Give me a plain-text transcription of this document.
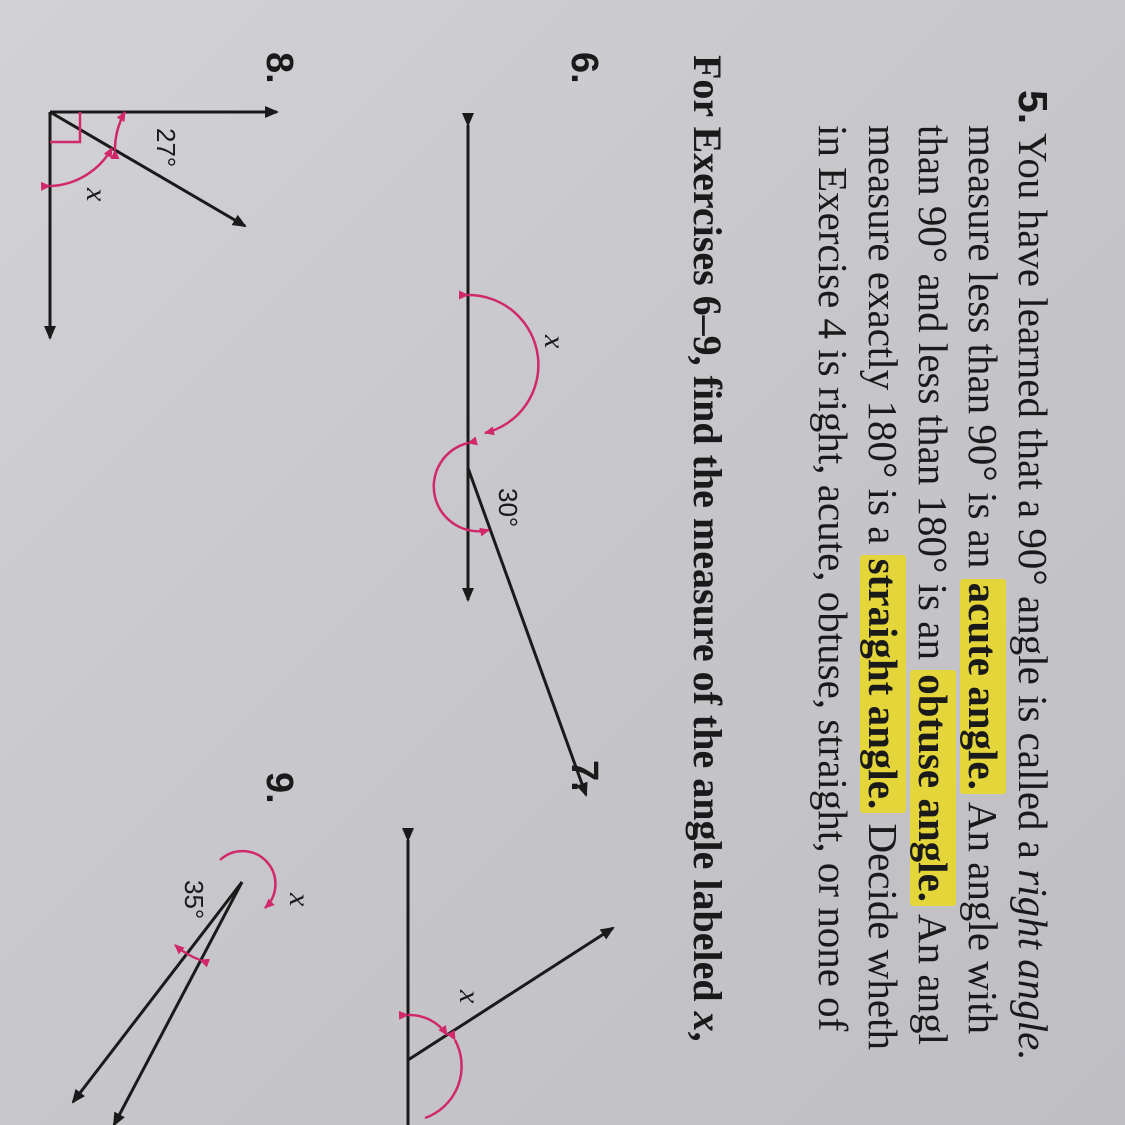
5. You have learned that a 90° angle is called a right angle.
measure less than 90° is an acute angle. An angle with
than 90° and less than 180° is an obtuse angle. An angl
measure exactly 180° is a straight angle. Decide wheth
in Exercise 4 is right, acute, obtuse, straight, or none of
For Exercises 6–9, find the measure of the angle labeled x,
6.
8.
7.
9.
x
30°
x
27°
x
x
35°
